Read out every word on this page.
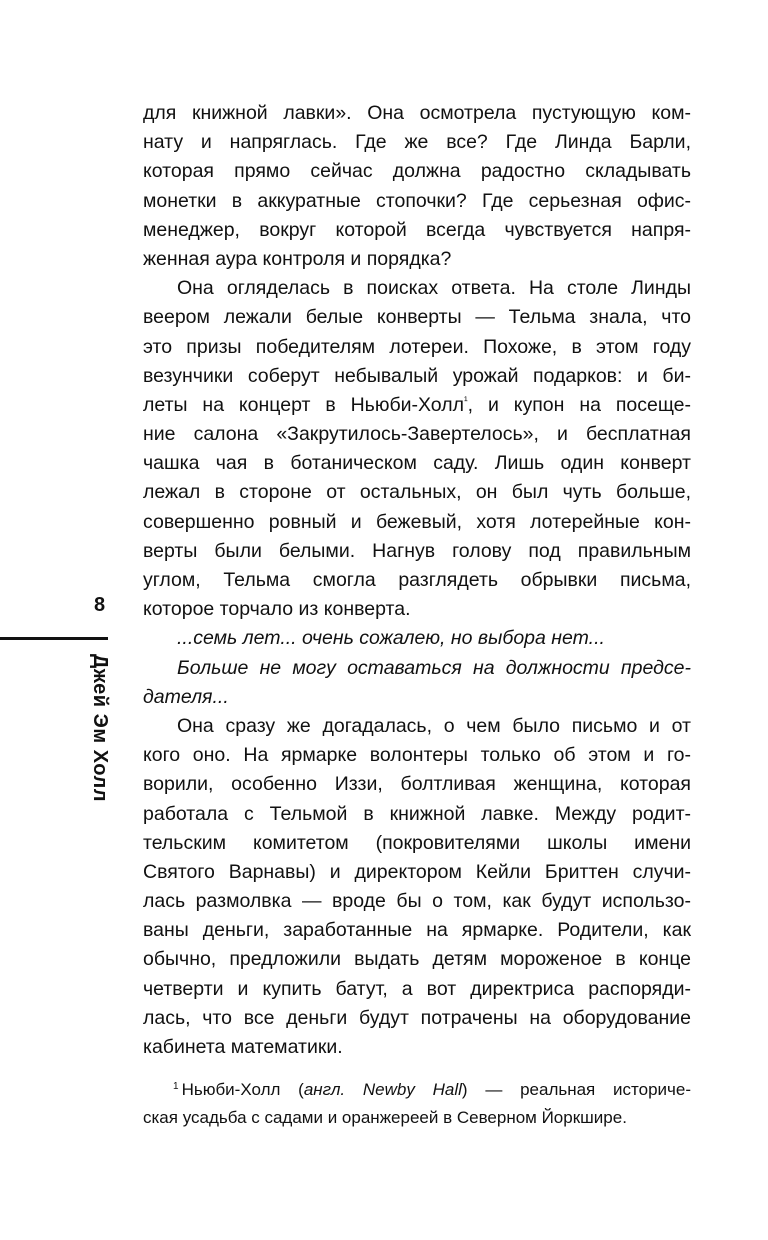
8
Джей Эм Холл
для книжной лавки». Она осмотрела пустующую ком-
нату и напряглась. Где же все? Где Линда Барли,
которая прямо сейчас должна радостно складывать
монетки в аккуратные стопочки? Где серьезная офис-
менеджер, вокруг которой всегда чувствуется напря-
женная аура контроля и порядка?
Она огляделась в поисках ответа. На столе Линды
веером лежали белые конверты — Тельма знала, что
это призы победителям лотереи. Похоже, в этом году
везунчики соберут небывалый урожай подарков: и би-
леты на концерт в Ньюби-Холл$^{^1}$, и купон на посеще-
ние салона «Закрутилось-Завертелось», и бесплатная
чашка чая в ботаническом саду. Лишь один конверт
лежал в стороне от остальных, он был чуть больше,
совершенно ровный и бежевый, хотя лотерейные кон-
верты были белыми. Нагнув голову под правильным
углом, Тельма смогла разглядеть обрывки письма,
которое торчало из конверта.
...семь лет... очень сожалею, но выбора нет...
Больше не могу оставаться на должности предсе-
дателя...
Она сразу же догадалась, о чем было письмо и от
кого оно. На ярмарке волонтеры только об этом и го-
ворили, особенно Иззи, болтливая женщина, которая
работала с Тельмой в книжной лавке. Между родит-
тельским комитетом (покровителями школы имени
Святого Варнавы) и директором Кейли Бриттен случи-
лась размолвка — вроде бы о том, как будут использо-
ваны деньги, заработанные на ярмарке. Родители, как
обычно, предложили выдать детям мороженое в конце
четверти и купить батут, а вот директриса распоряди-
лась, что все деньги будут потрачены на оборудование
кабинета математики.
$^1$ Ньюби-Холл (англ. Newby Hall) — реальная историче-
ская усадьба с садами и оранжереей в Северном Йоркшире.
